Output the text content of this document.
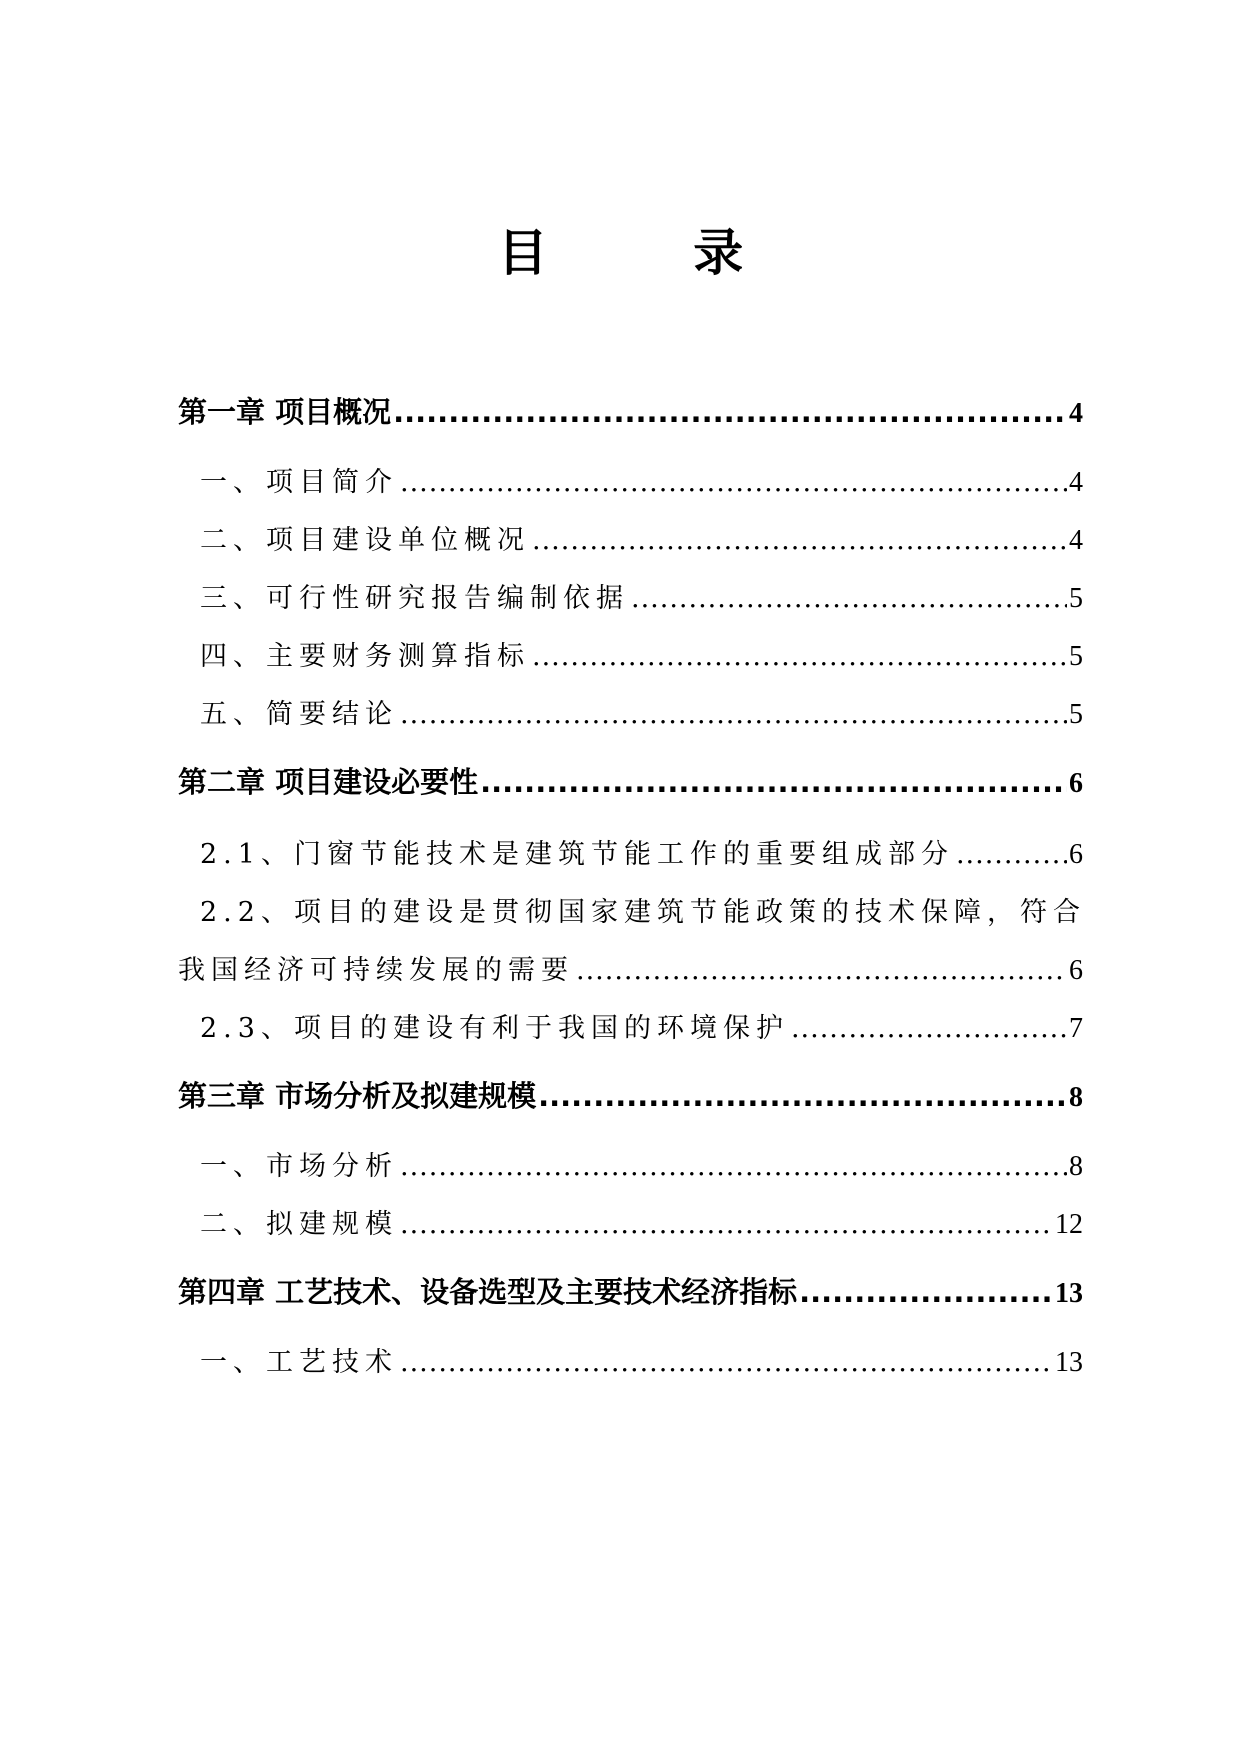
目 录
第一章 项目概况 .....	4
一、项目简介 .....	4
二、项目建设单位概况 .....	4
三、可行性研究报告编制依据 .....	5
四、主要财务测算指标 .....	5
五、简要结论 .....	5
第二章 项目建设必要性 .....	6
2.1、门窗节能技术是建筑节能工作的重要组成部分 .....	6
2.2、项目的建设是贯彻国家建筑节能政策的技术保障，符合
我国经济可持续发展的需要 .....	6
2.3、项目的建设有利于我国的环境保护 .....	7
第三章 市场分析及拟建规模 .....	8
一、市场分析 .....	8
二、拟建规模 .....	12
第四章 工艺技术、设备选型及主要技术经济指标 .....	13
一、工艺技术 .....	13
